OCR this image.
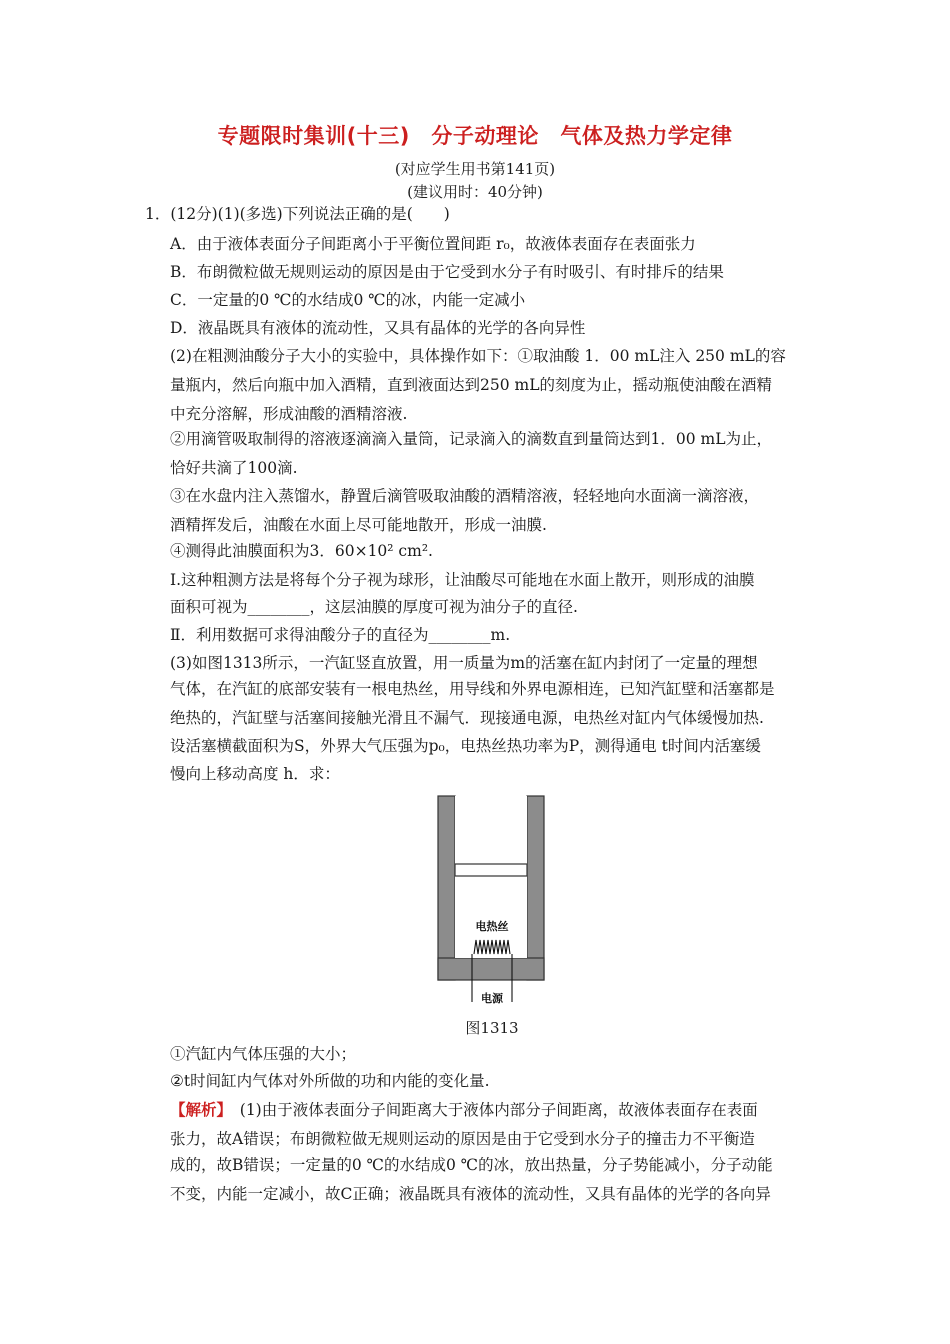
专题限时集训(十三)　分子动理论　气体及热力学定律
(对应学生用书第141页)
(建议用时：40分钟)
1．(12分)(1)(多选)下列说法正确的是(　　)
A．由于液体表面分子间距离小于平衡位置间距 r₀，故液体表面存在表面张力
B．布朗微粒做无规则运动的原因是由于它受到水分子有时吸引、有时排斥的结果
C．一定量的0 ℃的水结成0 ℃的冰，内能一定减小
D．液晶既具有液体的流动性，又具有晶体的光学的各向异性
(2)在粗测油酸分子大小的实验中，具体操作如下：①取油酸 1．00 mL注入 250 mL的容
量瓶内，然后向瓶中加入酒精，直到液面达到250 mL的刻度为止，摇动瓶使油酸在酒精
中充分溶解，形成油酸的酒精溶液.
②用滴管吸取制得的溶液逐滴滴入量筒，记录滴入的滴数直到量筒达到1．00 mL为止，
恰好共滴了100滴.
③在水盘内注入蒸馏水，静置后滴管吸取油酸的酒精溶液，轻轻地向水面滴一滴溶液，
酒精挥发后，油酸在水面上尽可能地散开，形成一油膜.
④测得此油膜面积为3．60×10² cm².
Ⅰ.这种粗测方法是将每个分子视为球形，让油酸尽可能地在水面上散开，则形成的油膜
面积可视为________，这层油膜的厚度可视为油分子的直径.
Ⅱ．利用数据可求得油酸分子的直径为________m.
(3)如图1313所示，一汽缸竖直放置，用一质量为m的活塞在缸内封闭了一定量的理想
气体，在汽缸的底部安装有一根电热丝，用导线和外界电源相连，已知汽缸壁和活塞都是
绝热的，汽缸壁与活塞间接触光滑且不漏气．现接通电源，电热丝对缸内气体缓慢加热.
设活塞横截面积为S，外界大气压强为p₀，电热丝热功率为P，测得通电 t时间内活塞缓
慢向上移动高度 h．求：
电热丝
电源
图1313
①汽缸内气体压强的大小；
②t时间缸内气体对外所做的功和内能的变化量.
【解析】　(1)由于液体表面分子间距离大于液体内部分子间距离，故液体表面存在表面
张力，故A错误；布朗微粒做无规则运动的原因是由于它受到水分子的撞击力不平衡造
成的，故B错误；一定量的0 ℃的水结成0 ℃的冰，放出热量，分子势能减小，分子动能
不变，内能一定减小，故C正确；液晶既具有液体的流动性，又具有晶体的光学的各向异
